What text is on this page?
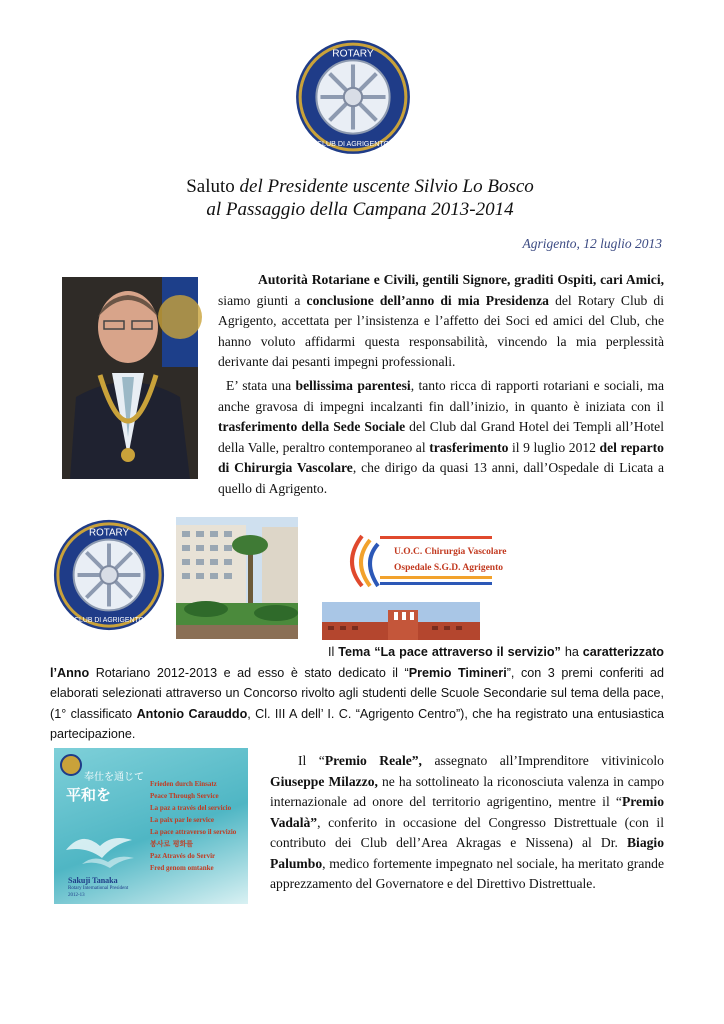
ROTARY
CLUB DI AGRIGENTO
Saluto del Presidente uscente Silvio Lo Bosco
al Passaggio della Campana 2013-2014
Agrigento, 12 luglio 2013

Autorità Rotariane e Civili, gentili Signore, graditi Ospiti, cari Amici, siamo giunti a conclusione dell’anno di mia Presidenza del Rotary Club di Agrigento, accettata per l’insistenza e l’affetto dei Soci ed amici del Club, che hanno voluto affidarmi questa responsabilità, vincendo la mia perplessità derivante dai pesanti impegni professionali.

E’ stata una bellissima parentesi, tanto ricca di rapporti rotariani e sociali, ma anche gravosa di impegni incalzanti fin dall’inizio, in quanto è iniziata con il trasferimento della Sede Sociale del Club dal Grand Hotel dei Templi all’Hotel della Valle, peraltro contemporaneo al trasferimento il 9 luglio 2012 del reparto di Chirurgia Vascolare, che dirigo da quasi 13 anni, dall’Ospedale di Licata a quello di Agrigento.

ROTARY
CLUB DI AGRIGENTO
U.O.C. Chirurgia Vascolare
Ospedale S.G.D. Agrigento
Il Tema “La pace attraverso il servizio” ha caratterizzato l’Anno Rotariano 2012-2013 e ad esso è stato dedicato il “Premio Timineri”, con 3 premi conferiti ad elaborati selezionati attraverso un Concorso rivolto agli studenti delle Scuole Secondarie sul tema della pace, (1° classificato Antonio Carauddo, Cl. III A dell’ I. C. “Agrigento Centro”), che ha registrato una entusiastica partecipazione.
奉仕を通じて
平和を
Frieden durch Einsatz
Peace Through Service
La paz a través del servicio
La paix par le service
La pace attraverso il servizio
봉사로 평화를
Paz Através do Servir
Fred genom omtanke
Sakuji Tanaka
Rotary International President
2012-13

Il “Premio Reale”, assegnato all’Imprenditore vitivinicolo Giuseppe Milazzo, ne ha sottolineato la riconosciuta valenza in campo internazionale ad onore del territorio agrigentino, mentre il “Premio Vadalà”, conferito in occasione del Congresso Distrettuale (con il contributo dei Club dell’Area Akragas e Nissena) al Dr. Biagio Palumbo, medico fortemente impegnato nel sociale, ha meritato grande apprezzamento del Governatore e del Direttivo Distrettuale.
